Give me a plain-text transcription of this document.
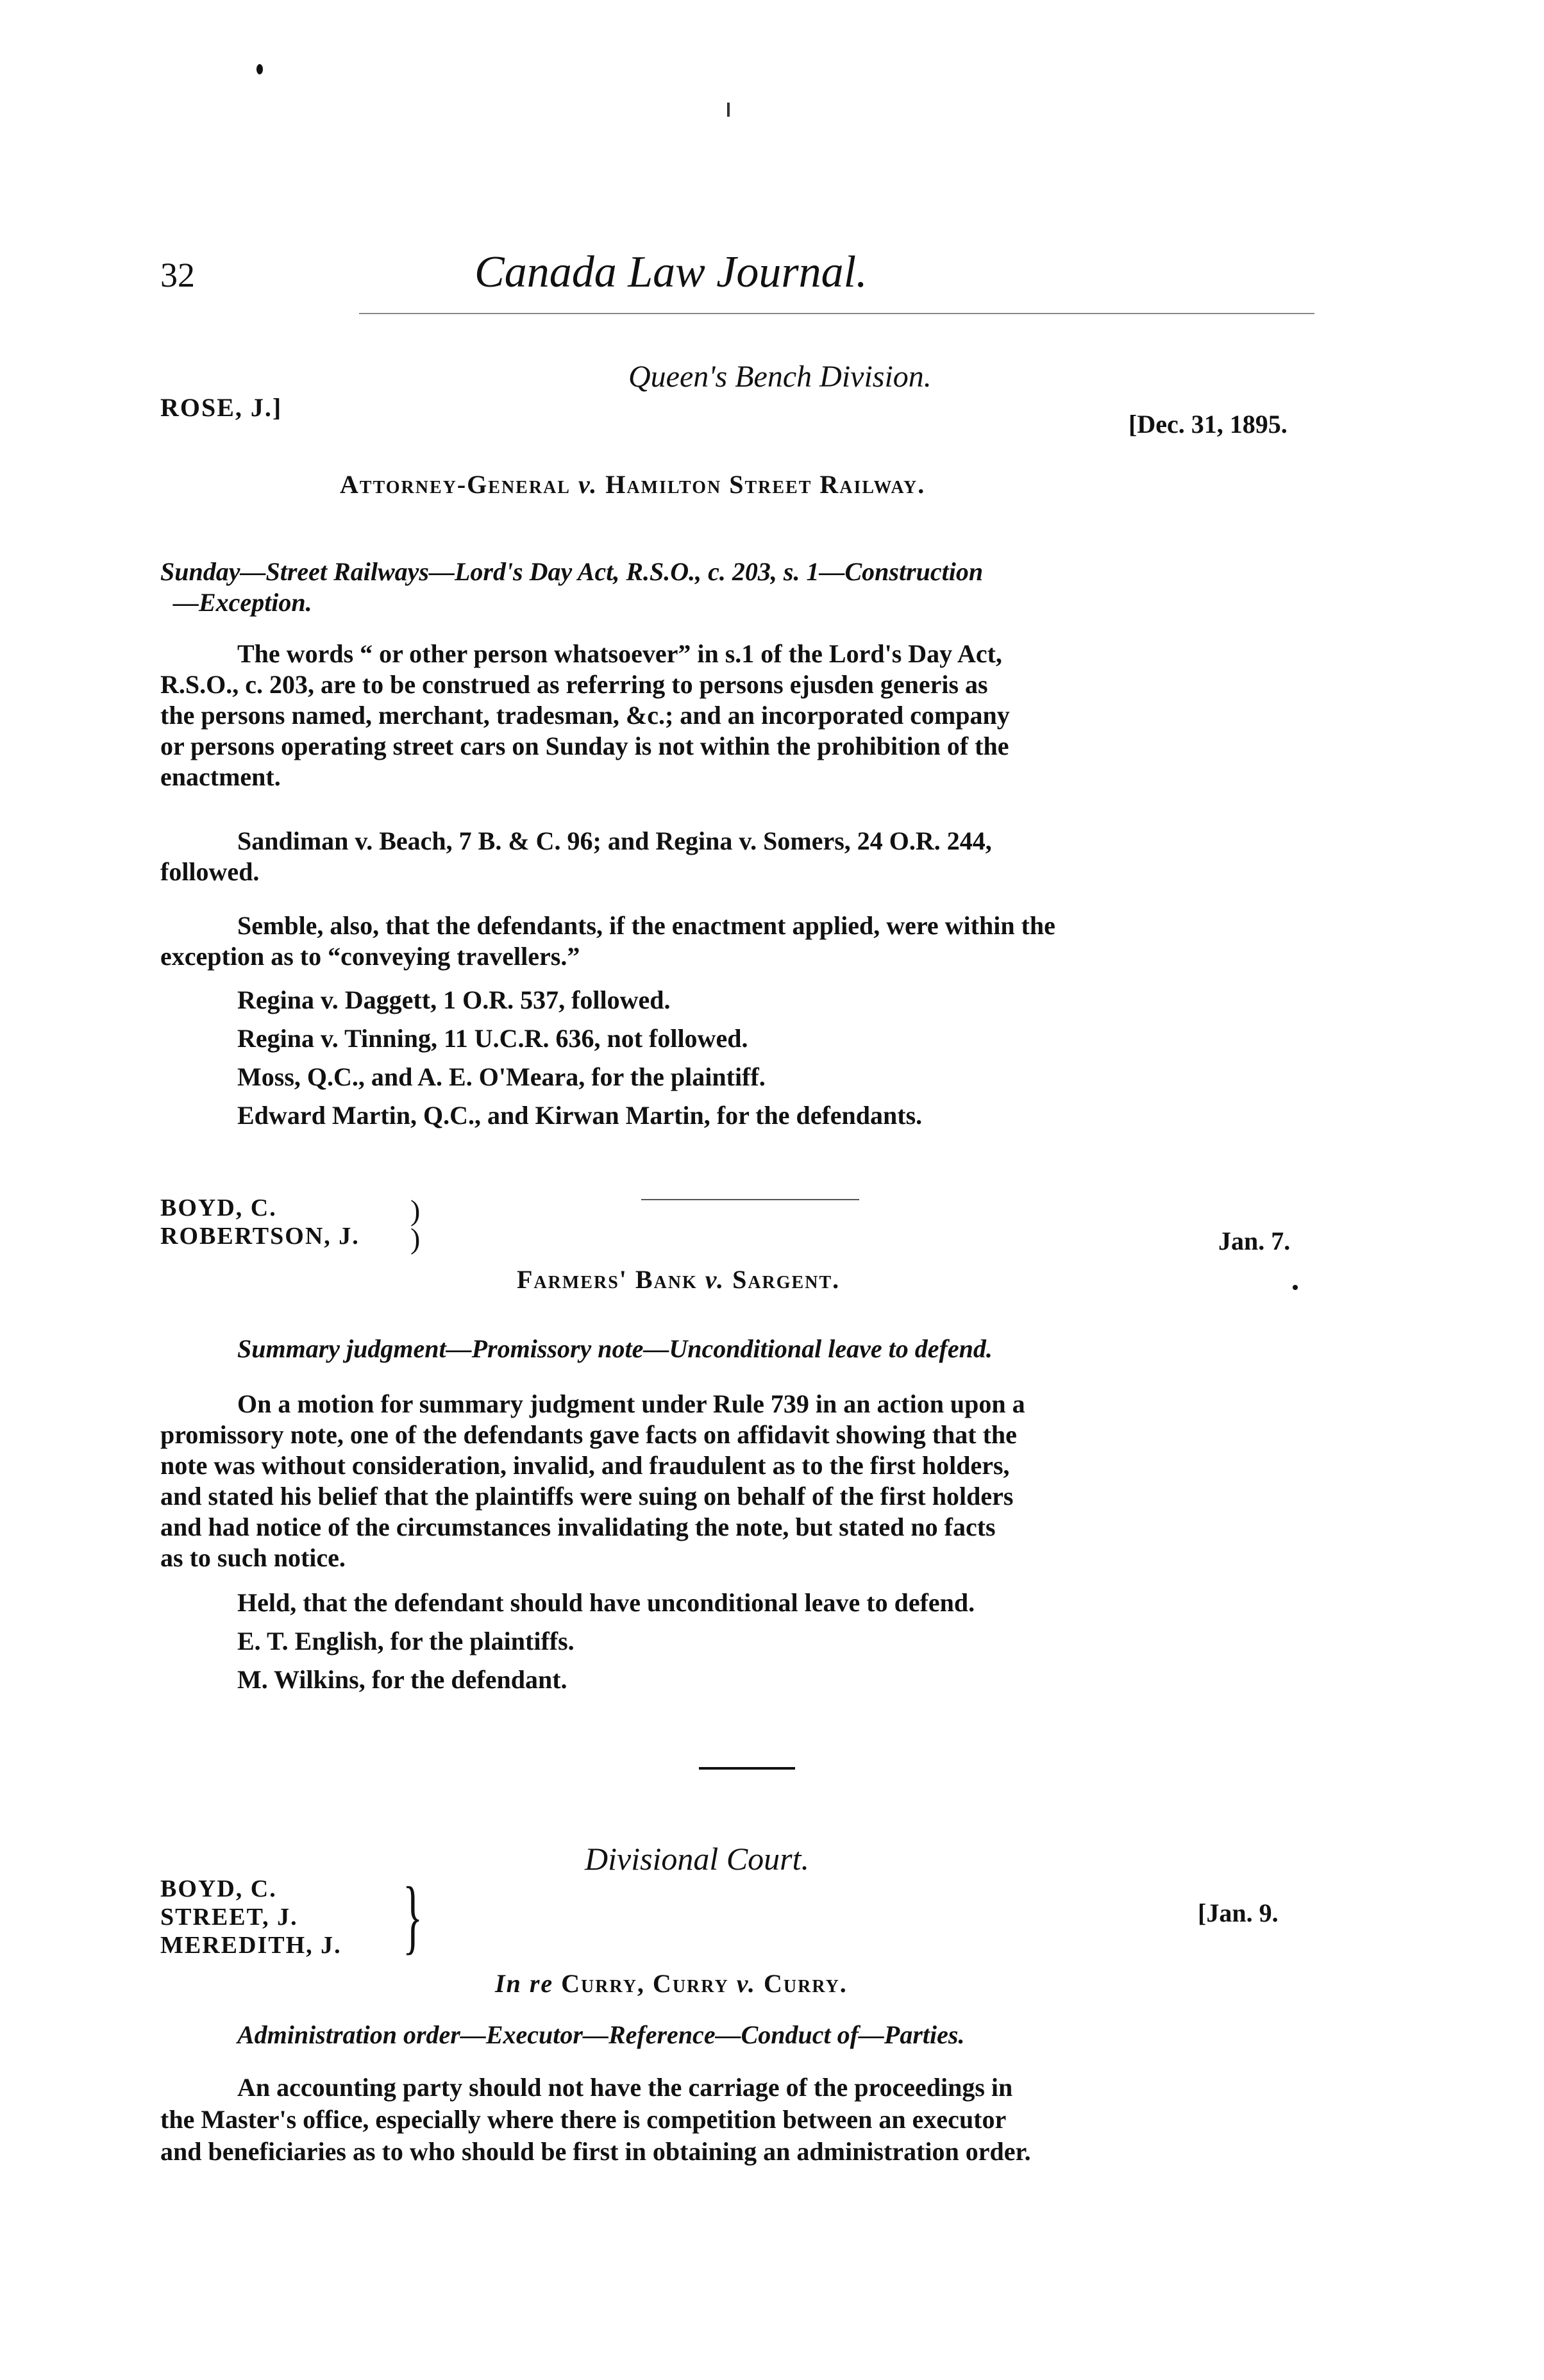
32	Canada Law Journal.
Queen's Bench Division.
ROSE, J.]
[Dec. 31, 1895.
Attorney-General v. Hamilton Street Railway.
Sunday—Street Railways—Lord's Day Act, R.S.O., c. 203, s. 1—Construction
—Exception.
The words “ or other person whatsoever” in s.1 of the Lord's Day Act,
R.S.O., c. 203, are to be construed as referring to persons ejusden generis as
the persons named, merchant, tradesman, &c.; and an incorporated company
or persons operating street cars on Sunday is not within the prohibition of the
enactment.
Sandiman v. Beach, 7 B. & C. 96; and Regina v. Somers, 24 O.R. 244,
followed.
Semble, also, that the defendants, if the enactment applied, were within the
exception as to “conveying travellers.”
Regina v. Daggett, 1 O.R. 537, followed.
Regina v. Tinning, 11 U.C.R. 636, not followed.
Moss, Q.C., and A. E. O'Meara, for the plaintiff.
Edward Martin, Q.C., and Kirwan Martin, for the defendants.
BOYD, C.
ROBERTSON, J.
)
)	Jan. 7.
Farmers' Bank v. Sargent.
Summary judgment—Promissory note—Unconditional leave to defend.
On a motion for summary judgment under Rule 739 in an action upon a
promissory note, one of the defendants gave facts on affidavit showing that the
note was without consideration, invalid, and fraudulent as to the first holders,
and stated his belief that the plaintiffs were suing on behalf of the first holders
and had notice of the circumstances invalidating the note, but stated no facts
as to such notice.
Held, that the defendant should have unconditional leave to defend.
E. T. English, for the plaintiffs.
M. Wilkins, for the defendant.
Divisional Court.
BOYD, C.
STREET, J.
MEREDITH, J. }	[Jan. 9.
In re Curry, Curry v. Curry.
Administration order—Executor—Reference—Conduct of—Parties.
An accounting party should not have the carriage of the proceedings in
the Master's office, especially where there is competition between an executor
and beneficiaries as to who should be first in obtaining an administration order.
